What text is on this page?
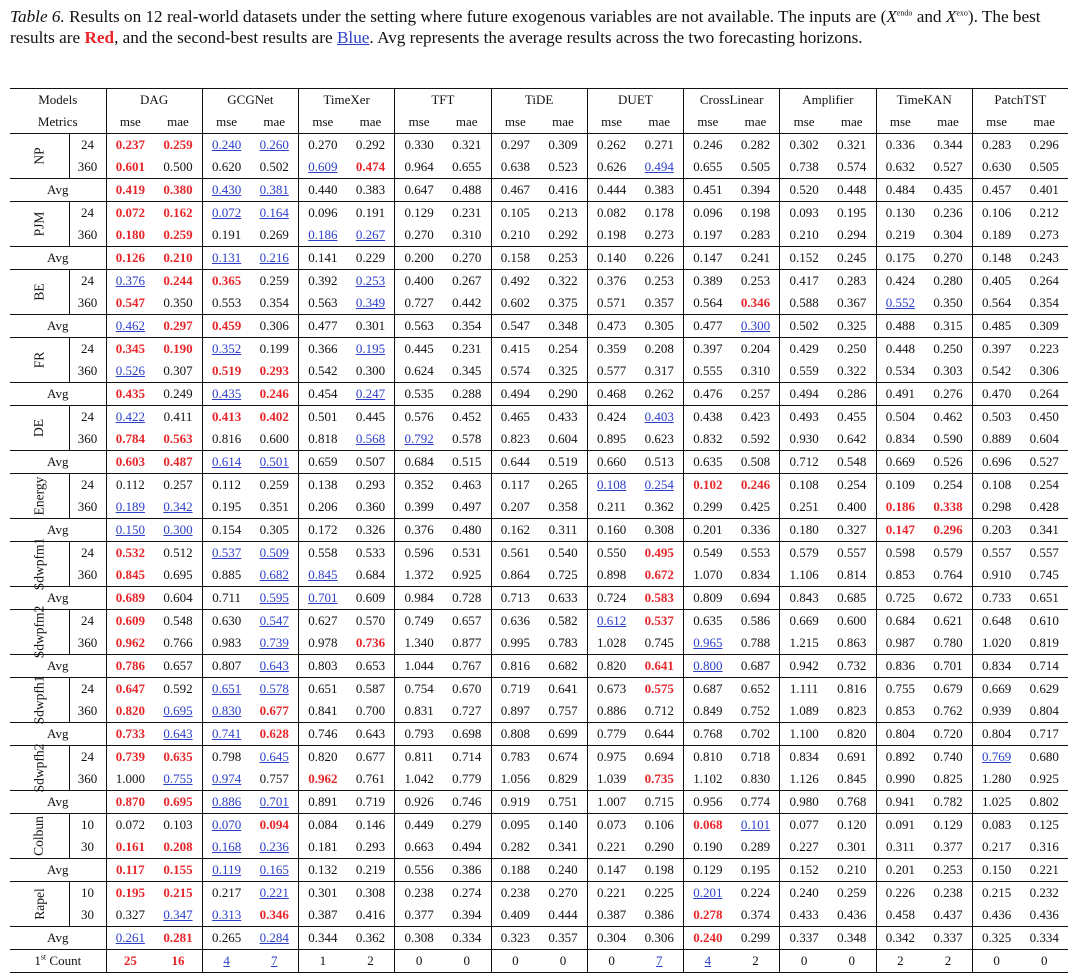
Table 6. Results on 12 real-world datasets under the setting where future exogenous variables are not available. The inputs are ($X^{endo}$ and $X^{exo}$). The best results are Red, and the second-best results are Blue. Avg represents the average results across the two forecasting horizons.
Models		DAG		GCGNet		TimeXer		TFT		TiDE		DUET		CrossLinear		Amplifier		TimeKAN		PatchTST	
Metrics		mse	mae	mse	mae	mse	mae	mse	mae	mse	mae	mse	mae	mse	mae	mse	mae	mse	mae	mse	mae
NP	24	0.237	0.259	0.240	0.260	0.270	0.292	0.330	0.321	0.297	0.309	0.262	0.271	0.246	0.282	0.302	0.321	0.336	0.344	0.283	0.296
	360	0.601	0.500	0.620	0.502	0.609	0.474	0.964	0.655	0.638	0.523	0.626	0.494	0.655	0.505	0.738	0.574	0.632	0.527	0.630	0.505
Avg		0.419	0.380	0.430	0.381	0.440	0.383	0.647	0.488	0.467	0.416	0.444	0.383	0.451	0.394	0.520	0.448	0.484	0.435	0.457	0.401
PJM	24	0.072	0.162	0.072	0.164	0.096	0.191	0.129	0.231	0.105	0.213	0.082	0.178	0.096	0.198	0.093	0.195	0.130	0.236	0.106	0.212
	360	0.180	0.259	0.191	0.269	0.186	0.267	0.270	0.310	0.210	0.292	0.198	0.273	0.197	0.283	0.210	0.294	0.219	0.304	0.189	0.273
Avg		0.126	0.210	0.131	0.216	0.141	0.229	0.200	0.270	0.158	0.253	0.140	0.226	0.147	0.241	0.152	0.245	0.175	0.270	0.148	0.243
BE	24	0.376	0.244	0.365	0.259	0.392	0.253	0.400	0.267	0.492	0.322	0.376	0.253	0.389	0.253	0.417	0.283	0.424	0.280	0.405	0.264
	360	0.547	0.350	0.553	0.354	0.563	0.349	0.727	0.442	0.602	0.375	0.571	0.357	0.564	0.346	0.588	0.367	0.552	0.350	0.564	0.354
Avg		0.462	0.297	0.459	0.306	0.477	0.301	0.563	0.354	0.547	0.348	0.473	0.305	0.477	0.300	0.502	0.325	0.488	0.315	0.485	0.309
FR	24	0.345	0.190	0.352	0.199	0.366	0.195	0.445	0.231	0.415	0.254	0.359	0.208	0.397	0.204	0.429	0.250	0.448	0.250	0.397	0.223
	360	0.526	0.307	0.519	0.293	0.542	0.300	0.624	0.345	0.574	0.325	0.577	0.317	0.555	0.310	0.559	0.322	0.534	0.303	0.542	0.306
Avg		0.435	0.249	0.435	0.246	0.454	0.247	0.535	0.288	0.494	0.290	0.468	0.262	0.476	0.257	0.494	0.286	0.491	0.276	0.470	0.264
DE	24	0.422	0.411	0.413	0.402	0.501	0.445	0.576	0.452	0.465	0.433	0.424	0.403	0.438	0.423	0.493	0.455	0.504	0.462	0.503	0.450
	360	0.784	0.563	0.816	0.600	0.818	0.568	0.792	0.578	0.823	0.604	0.895	0.623	0.832	0.592	0.930	0.642	0.834	0.590	0.889	0.604
Avg		0.603	0.487	0.614	0.501	0.659	0.507	0.684	0.515	0.644	0.519	0.660	0.513	0.635	0.508	0.712	0.548	0.669	0.526	0.696	0.527
Energy	24	0.112	0.257	0.112	0.259	0.138	0.293	0.352	0.463	0.117	0.265	0.108	0.254	0.102	0.246	0.108	0.254	0.109	0.254	0.108	0.254
	360	0.189	0.342	0.195	0.351	0.206	0.360	0.399	0.497	0.207	0.358	0.211	0.362	0.299	0.425	0.251	0.400	0.186	0.338	0.298	0.428
Avg		0.150	0.300	0.154	0.305	0.172	0.326	0.376	0.480	0.162	0.311	0.160	0.308	0.201	0.336	0.180	0.327	0.147	0.296	0.203	0.341
Sdwpfm1	24	0.532	0.512	0.537	0.509	0.558	0.533	0.596	0.531	0.561	0.540	0.550	0.495	0.549	0.553	0.579	0.557	0.598	0.579	0.557	0.557
	360	0.845	0.695	0.885	0.682	0.845	0.684	1.372	0.925	0.864	0.725	0.898	0.672	1.070	0.834	1.106	0.814	0.853	0.764	0.910	0.745
Avg		0.689	0.604	0.711	0.595	0.701	0.609	0.984	0.728	0.713	0.633	0.724	0.583	0.809	0.694	0.843	0.685	0.725	0.672	0.733	0.651
Sdwpfm2	24	0.609	0.548	0.630	0.547	0.627	0.570	0.749	0.657	0.636	0.582	0.612	0.537	0.635	0.586	0.669	0.600	0.684	0.621	0.648	0.610
	360	0.962	0.766	0.983	0.739	0.978	0.736	1.340	0.877	0.995	0.783	1.028	0.745	0.965	0.788	1.215	0.863	0.987	0.780	1.020	0.819
Avg		0.786	0.657	0.807	0.643	0.803	0.653	1.044	0.767	0.816	0.682	0.820	0.641	0.800	0.687	0.942	0.732	0.836	0.701	0.834	0.714
Sdwpfh1	24	0.647	0.592	0.651	0.578	0.651	0.587	0.754	0.670	0.719	0.641	0.673	0.575	0.687	0.652	1.111	0.816	0.755	0.679	0.669	0.629
	360	0.820	0.695	0.830	0.677	0.841	0.700	0.831	0.727	0.897	0.757	0.886	0.712	0.849	0.752	1.089	0.823	0.853	0.762	0.939	0.804
Avg		0.733	0.643	0.741	0.628	0.746	0.643	0.793	0.698	0.808	0.699	0.779	0.644	0.768	0.702	1.100	0.820	0.804	0.720	0.804	0.717
Sdwpfh2	24	0.739	0.635	0.798	0.645	0.820	0.677	0.811	0.714	0.783	0.674	0.975	0.694	0.810	0.718	0.834	0.691	0.892	0.740	0.769	0.680
	360	1.000	0.755	0.974	0.757	0.962	0.761	1.042	0.779	1.056	0.829	1.039	0.735	1.102	0.830	1.126	0.845	0.990	0.825	1.280	0.925
Avg		0.870	0.695	0.886	0.701	0.891	0.719	0.926	0.746	0.919	0.751	1.007	0.715	0.956	0.774	0.980	0.768	0.941	0.782	1.025	0.802
Colbun	10	0.072	0.103	0.070	0.094	0.084	0.146	0.449	0.279	0.095	0.140	0.073	0.106	0.068	0.101	0.077	0.120	0.091	0.129	0.083	0.125
	30	0.161	0.208	0.168	0.236	0.181	0.293	0.663	0.494	0.282	0.341	0.221	0.290	0.190	0.289	0.227	0.301	0.311	0.377	0.217	0.316
Avg		0.117	0.155	0.119	0.165	0.132	0.219	0.556	0.386	0.188	0.240	0.147	0.198	0.129	0.195	0.152	0.210	0.201	0.253	0.150	0.221
Rapel	10	0.195	0.215	0.217	0.221	0.301	0.308	0.238	0.274	0.238	0.270	0.221	0.225	0.201	0.224	0.240	0.259	0.226	0.238	0.215	0.232
	30	0.327	0.347	0.313	0.346	0.387	0.416	0.377	0.394	0.409	0.444	0.387	0.386	0.278	0.374	0.433	0.436	0.458	0.437	0.436	0.436
Avg		0.261	0.281	0.265	0.284	0.344	0.362	0.308	0.334	0.323	0.357	0.304	0.306	0.240	0.299	0.337	0.348	0.342	0.337	0.325	0.334
1st Count		25	16	4	7	1	2	0	0	0	0	0	7	4	2	0	0	2	2	0	0
